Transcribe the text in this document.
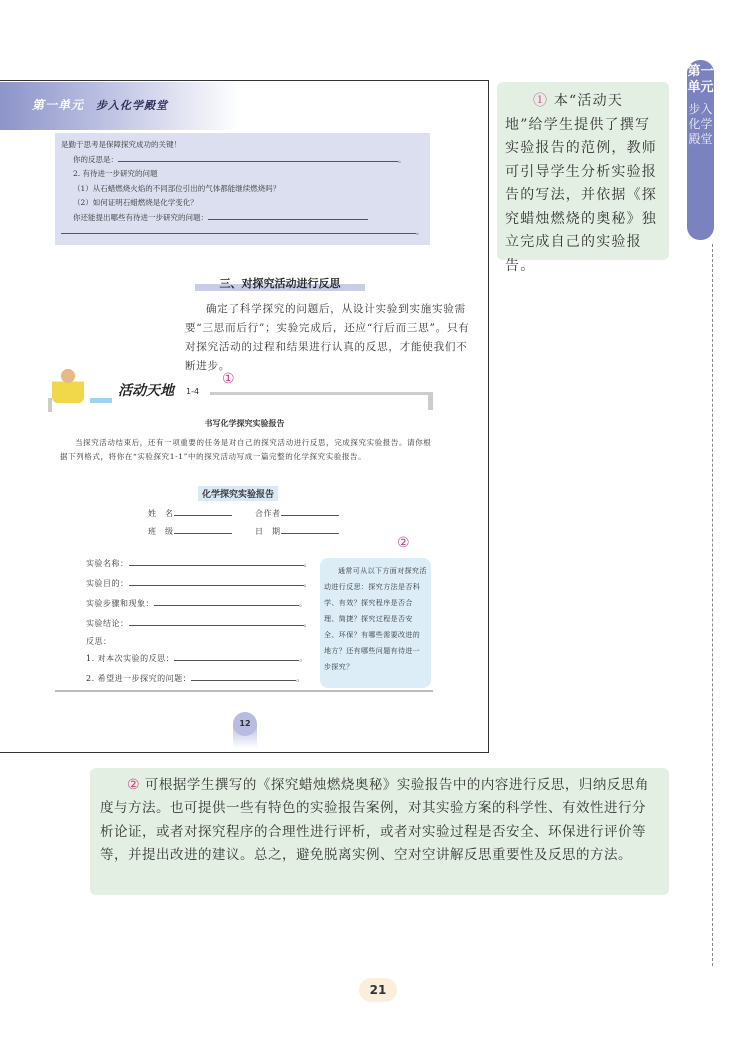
第一单元 步入化学殿堂
是勤于思考是保障探究成功的关键！
你的反思是：	。
2. 有待进一步研究的问题
（1）从石蜡燃烧火焰的不同部位引出的气体都能继续燃烧吗？
（2）如何证明石蜡燃烧是化学变化？
你还能提出哪些有待进一步研究的问题：
。
三、对探究活动进行反思
确定了科学探究的问题后，从设计实验到实施实验需要“三思而后行”；实验完成后，还应“行后而三思”。只有对探究活动的过程和结果进行认真的反思，才能使我们不断进步。
活动天地 1-4
①
书写化学探究实验报告
当探究活动结束后，还有一项重要的任务是对自己的探究活动进行反思，完成探究实验报告。请你根据下列格式，将你在“实验探究1-1”中的探究活动写成一篇完整的化学探究实验报告。
化学探究实验报告
姓　名	合作者
班　级	日　期
②
实验名称：	。
实验目的：	。
实验步骤和现象：	。
实验结论：	。
反思：
1. 对本次实验的反思：	。
2. 希望进一步探究的问题：	。
通常可从以下方面对探究活动进行反思：探究方法是否科学、有效？探究程序是否合理、简捷？探究过程是否安全、环保？有哪些需要改进的地方？还有哪些问题有待进一步探究？
12
① 本“活动天地”给学生提供了撰写实验报告的范例，教师可引导学生分析实验报告的写法，并依据《探究蜡烛燃烧的奥秘》独立完成自己的实验报告。
第一单元
步入化学殿堂
② 可根据学生撰写的《探究蜡烛燃烧奥秘》实验报告中的内容进行反思，归纳反思角度与方法。也可提供一些有特色的实验报告案例，对其实验方案的科学性、有效性进行分析论证，或者对探究程序的合理性进行评析，或者对实验过程是否安全、环保进行评价等等，并提出改进的建议。总之，避免脱离实例、空对空讲解反思重要性及反思的方法。
21
